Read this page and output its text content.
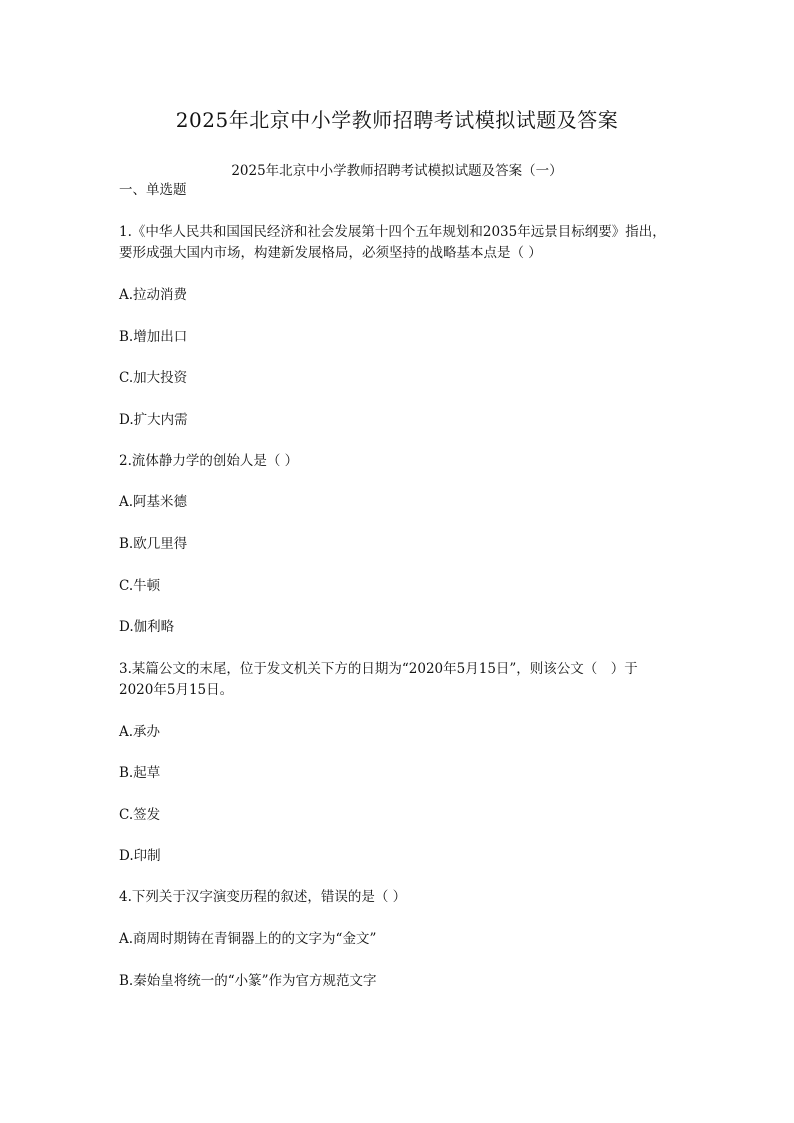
2025年北京中小学教师招聘考试模拟试题及答案
2025年北京中小学教师招聘考试模拟试题及答案（一）
一、单选题
1.《中华人民共和国国民经济和社会发展第十四个五年规划和2035年远景目标纲要》指出，
要形成强大国内市场，构建新发展格局，必须坚持的战略基本点是（ ）
A.拉动消费
B.增加出口
C.加大投资
D.扩大内需
2.流体静力学的创始人是（ ）
A.阿基米德
B.欧几里得
C.牛顿
D.伽利略
3.某篇公文的末尾，位于发文机关下方的日期为“2020年5月15日”，则该公文（　）于
2020年5月15日。
A.承办
B.起草
C.签发
D.印制
4.下列关于汉字演变历程的叙述，错误的是（ ）
A.商周时期铸在青铜器上的的文字为“金文”
B.秦始皇将统一的“小篆”作为官方规范文字
